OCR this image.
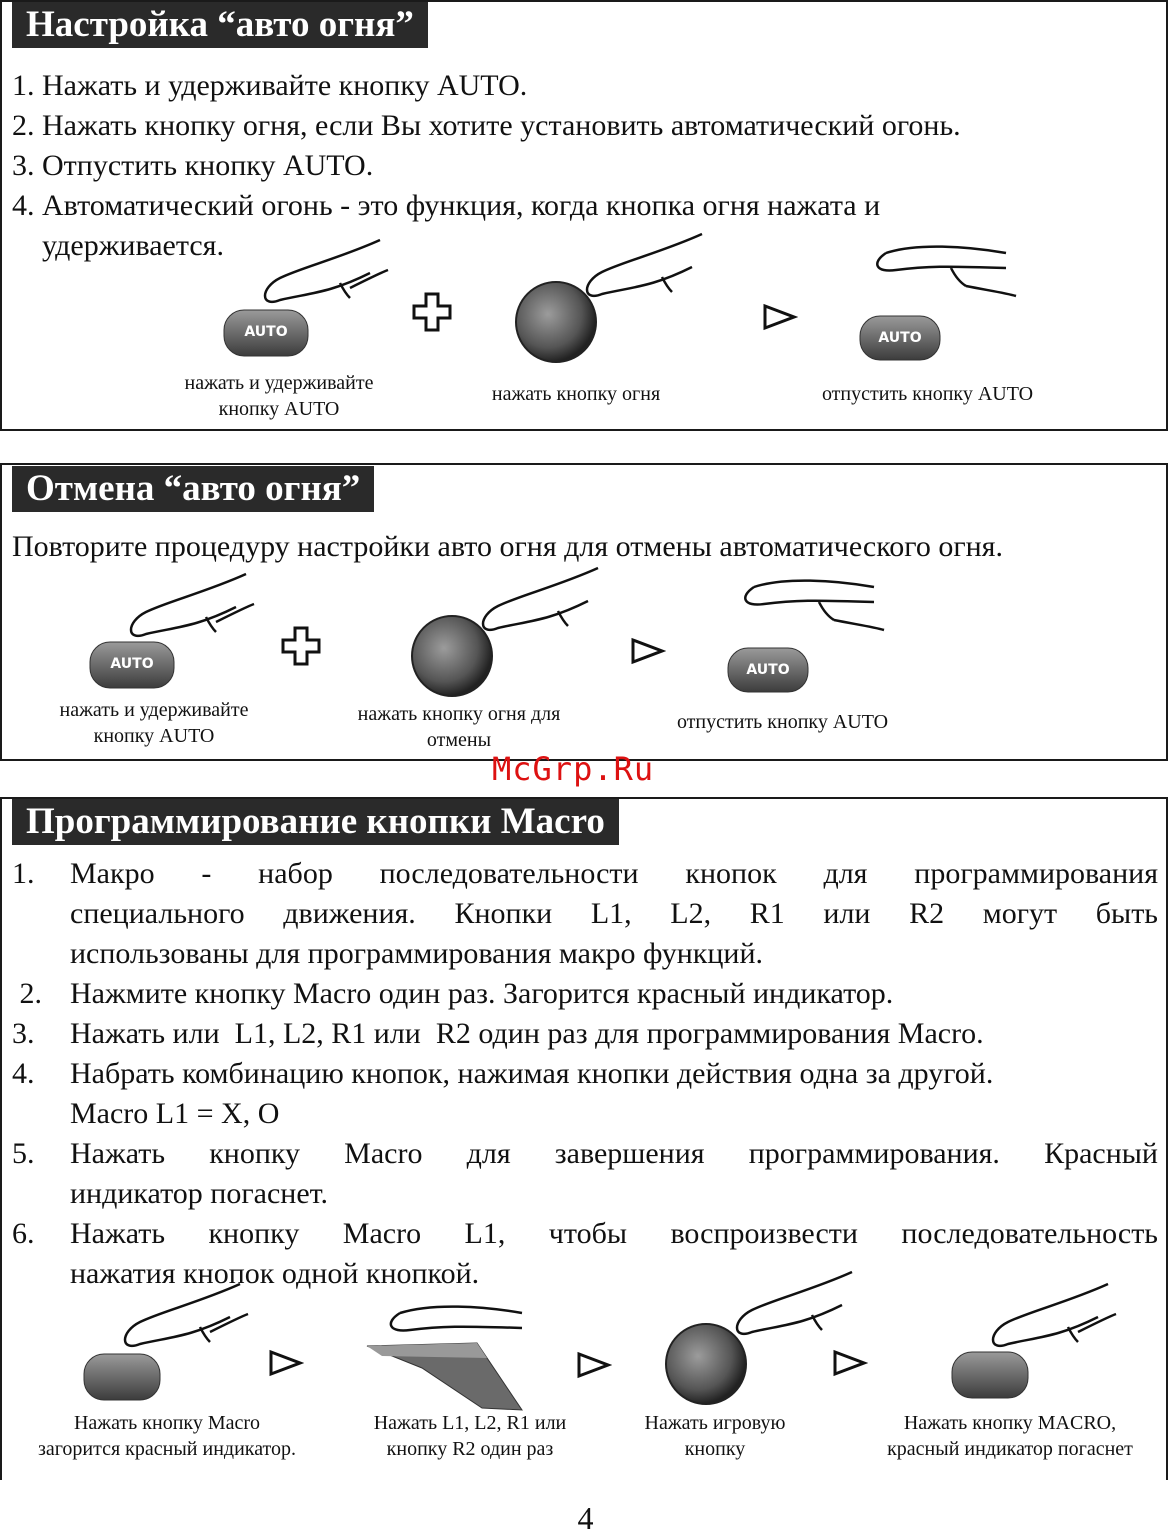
Настройка “авто огня”
1. Нажать и удерживайте кнопку AUTO.
2. Нажать кнопку огня, если Вы хотите установить автоматический огонь.
3. Отпустить кнопку AUTO.
4. Автоматический огонь - это функция, когда кнопка огня нажата и
удерживается.
AUTO	AUTO
нажать и удерживайте
кнопку AUTO
нажать кнопку огня	отпустить кнопку AUTO
Отмена “авто огня”
Повторите процедуру настройки авто огня для отмены автоматического огня.
AUTO	AUTO
нажать и удерживайте
кнопку AUTO
нажать кнопку огня для
отмены
отпустить кнопку AUTO
McGrp.Ru
Программирование кнопки Macro
1.	Макро - набор последовательности кнопок для программирования
специального движения. Кнопки L1, L2, R1 или R2 могут быть
использованы для программирования макро функций.
2. Нажмите кнопку Macro один раз. Загорится красный индикатор.
3.	Нажать или  L1, L2, R1 или  R2 один раз для программирования Macro.
4.	Набрать комбинацию кнопок, нажимая кнопки действия одна за другой.
Macro L1 = X, O
5.	Нажать кнопку Macro для завершения программирования. Красный
индикатор погаснет.
6.	Нажать кнопку Macro L1, чтобы воспроизвести последовательность
нажатия кнопок одной кнопкой.
Нажать кнопку Macro
загорится красный индикатор.
Нажать L1, L2, R1 или
кнопку R2 один раз
Нажать игровую
кнопку
Нажать кнопку MACRO,
красный индикатор погаснет
4
